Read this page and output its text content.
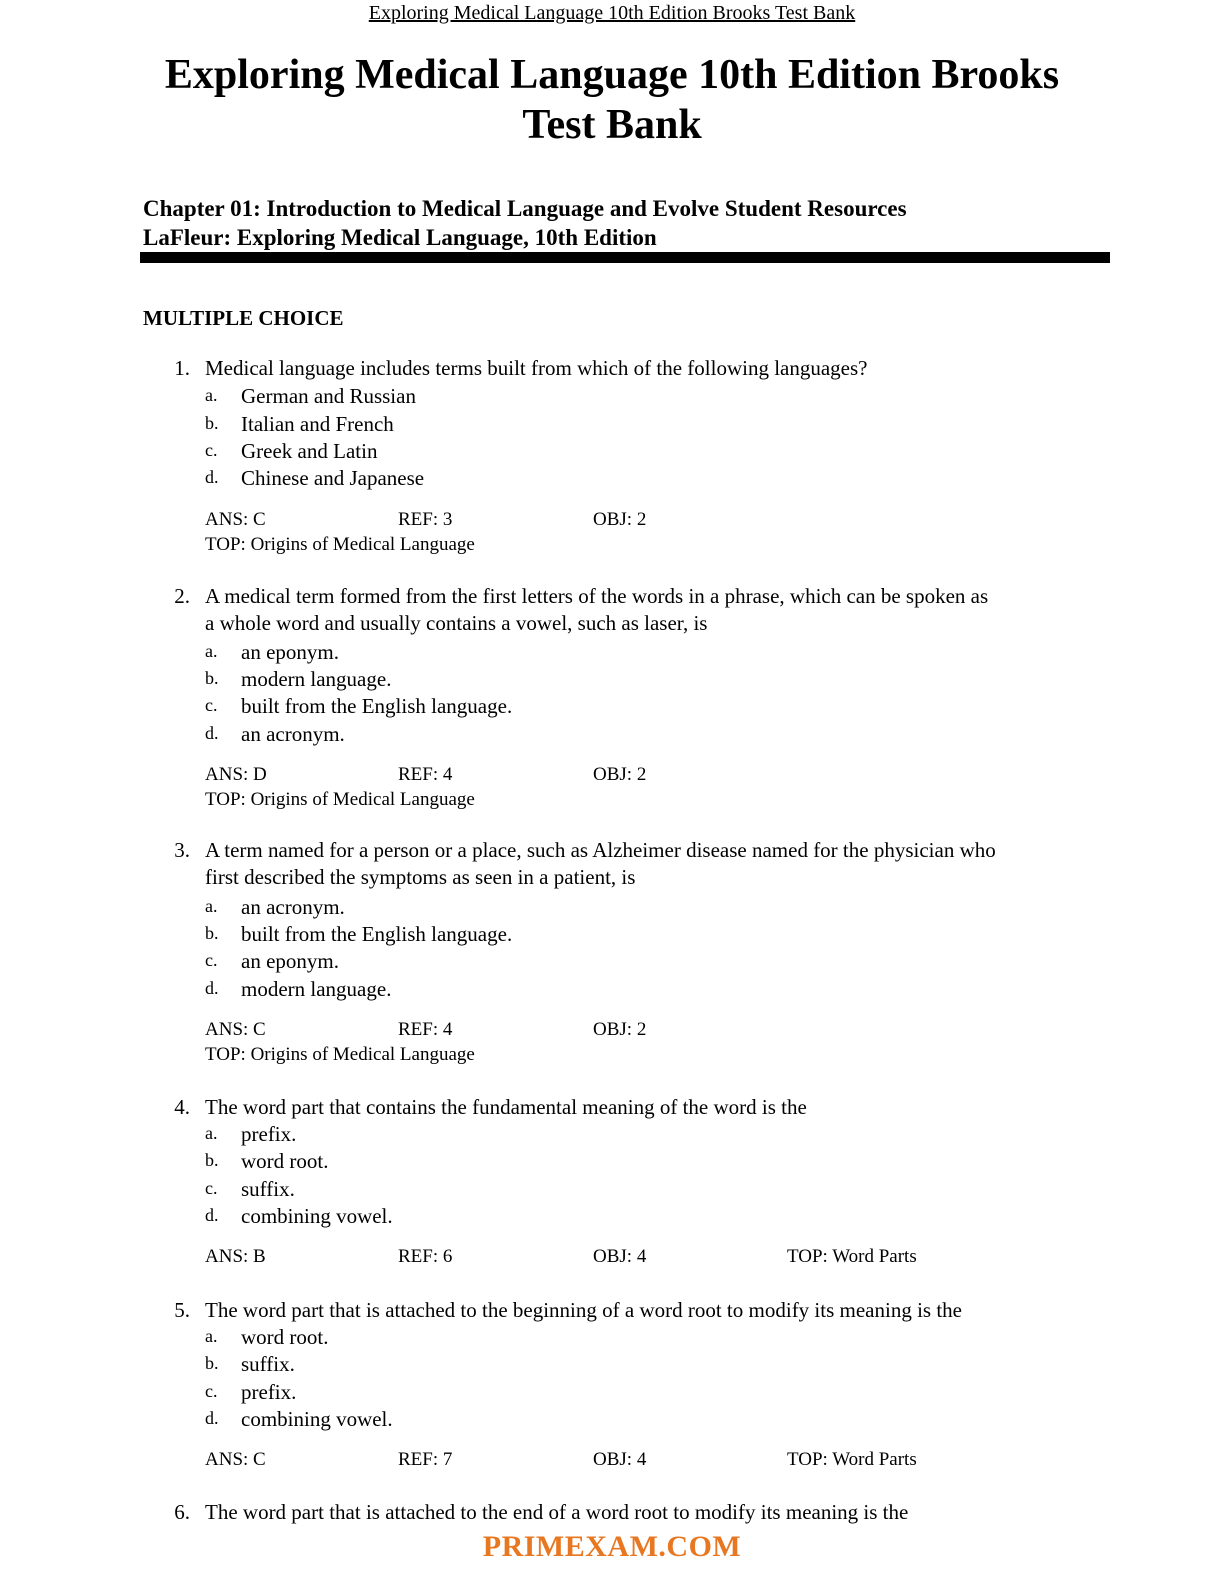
Exploring Medical Language 10th Edition Brooks Test Bank
Exploring Medical Language 10th Edition Brooks
Test Bank
Chapter 01: Introduction to Medical Language and Evolve Student Resources
LaFleur: Exploring Medical Language, 10th Edition
MULTIPLE CHOICE
1. Medical language includes terms built from which of the following languages?
a. German and Russian
b. Italian and French
c. Greek and Latin
d. Chinese and Japanese
ANS: C	REF: 3	OBJ: 2
TOP: Origins of Medical Language
2. A medical term formed from the first letters of the words in a phrase, which can be spoken as
a whole word and usually contains a vowel, such as laser, is
a. an eponym.
b. modern language.
c. built from the English language.
d. an acronym.
ANS: D	REF: 4	OBJ: 2
TOP: Origins of Medical Language
3. A term named for a person or a place, such as Alzheimer disease named for the physician who
first described the symptoms as seen in a patient, is
a. an acronym.
b. built from the English language.
c. an eponym.
d. modern language.
ANS: C	REF: 4	OBJ: 2
TOP: Origins of Medical Language
4. The word part that contains the fundamental meaning of the word is the
a. prefix.
b. word root.
c. suffix.
d. combining vowel.
ANS: B	REF: 6	OBJ: 4	TOP: Word Parts
5. The word part that is attached to the beginning of a word root to modify its meaning is the
a. word root.
b. suffix.
c. prefix.
d. combining vowel.
ANS: C	REF: 7	OBJ: 4	TOP: Word Parts
6. The word part that is attached to the end of a word root to modify its meaning is the
PRIMEXAM.COM
